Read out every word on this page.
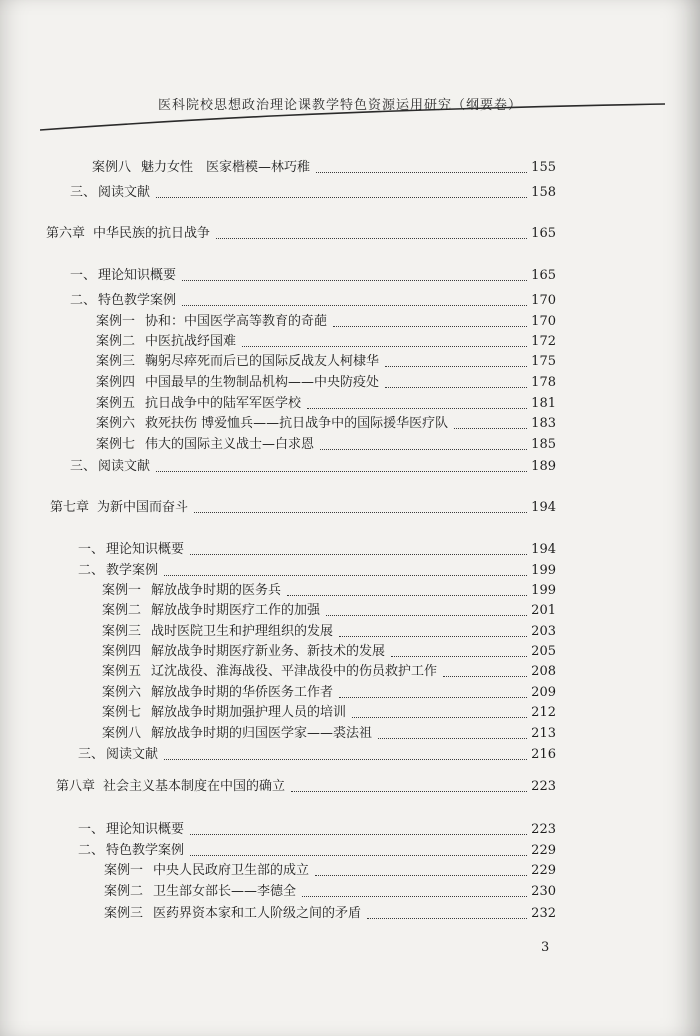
医科院校思想政治理论课教学特色资源运用研究（纲要卷）
案例八 魅力女性　医家楷模—林巧稚	155
三、 阅读文献	158
第六章 中华民族的抗日战争	165
一、 理论知识概要	165
二、 特色教学案例	170
案例一 协和：中国医学高等教育的奇葩	170
案例二 中医抗战纾国难	172
案例三 鞠躬尽瘁死而后已的国际反战友人柯棣华	175
案例四 中国最早的生物制品机构——中央防疫处	178
案例五 抗日战争中的陆军军医学校	181
案例六 救死扶伤 博爱恤兵——抗日战争中的国际援华医疗队	183
案例七 伟大的国际主义战士—白求恩	185
三、 阅读文献	189
第七章 为新中国而奋斗	194
一、 理论知识概要	194
二、 教学案例	199
案例一 解放战争时期的医务兵	199
案例二 解放战争时期医疗工作的加强	201
案例三 战时医院卫生和护理组织的发展	203
案例四 解放战争时期医疗新业务、新技术的发展	205
案例五 辽沈战役、淮海战役、平津战役中的伤员救护工作	208
案例六 解放战争时期的华侨医务工作者	209
案例七 解放战争时期加强护理人员的培训	212
案例八 解放战争时期的归国医学家——裘法祖	213
三、 阅读文献	216
第八章 社会主义基本制度在中国的确立	223
一、 理论知识概要	223
二、 特色教学案例	229
案例一 中央人民政府卫生部的成立	229
案例二 卫生部女部长——李德全	230
案例三 医药界资本家和工人阶级之间的矛盾	232
3
